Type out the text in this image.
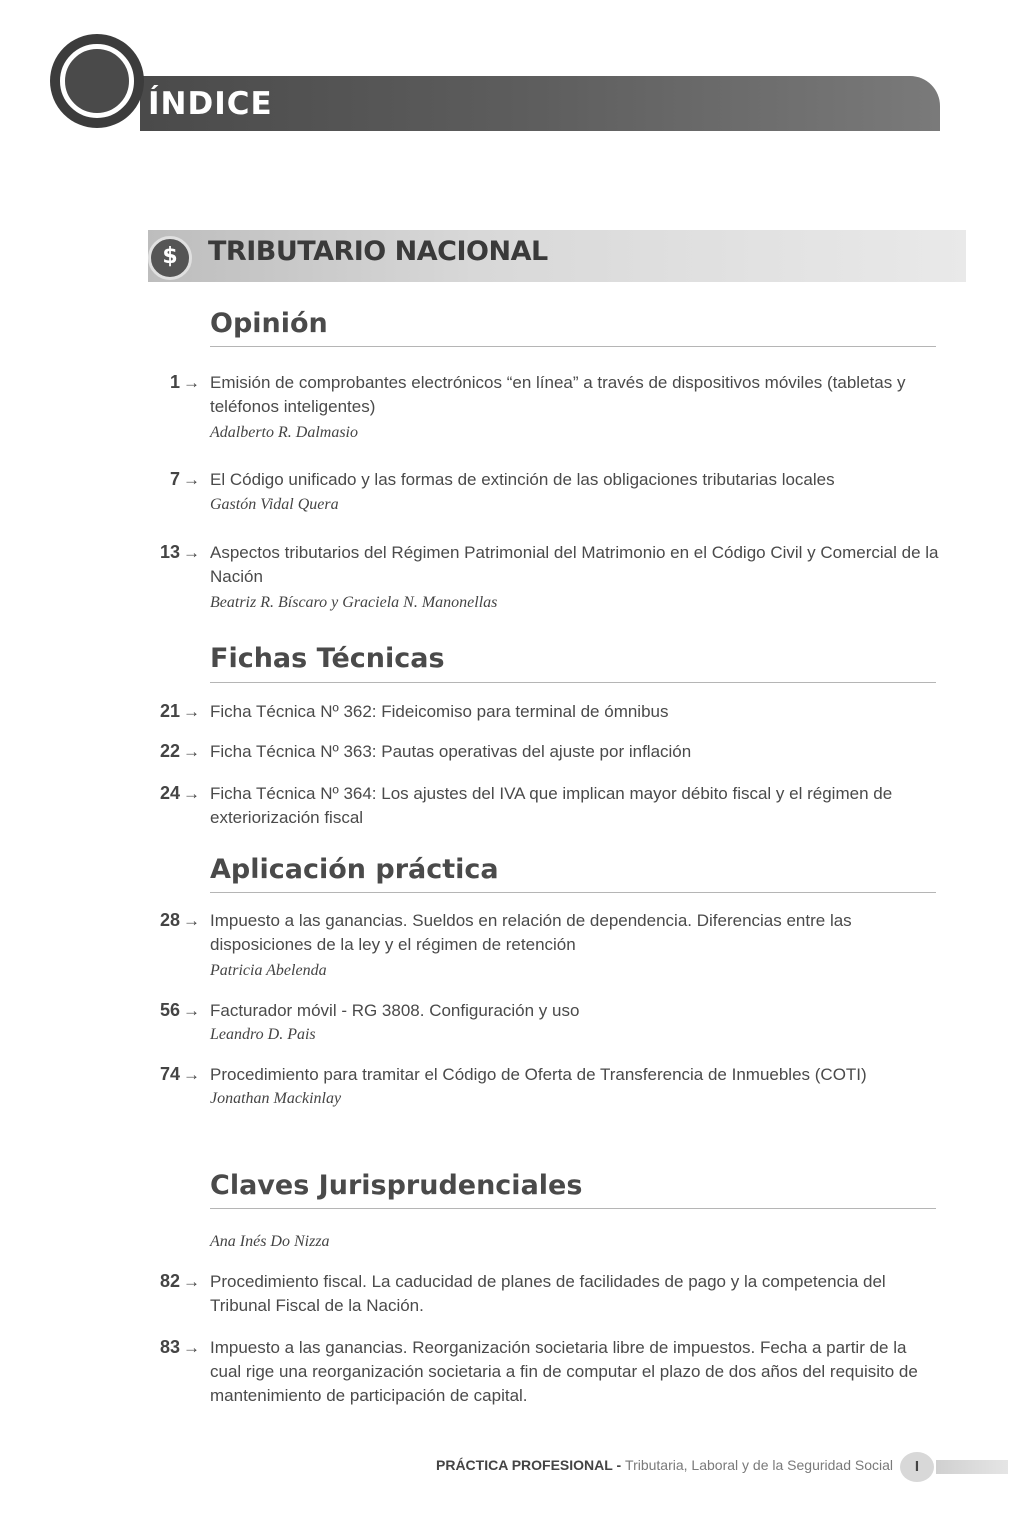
ÍNDICE
$	TRIBUTARIO NACIONAL
Opinión
1 → Emisión de comprobantes electrónicos “en línea” a través de dispositivos móviles (tabletas y teléfonos inteligentes)
Adalberto R. Dalmasio
7 → El Código unificado y las formas de extinción de las obligaciones tributarias locales
Gastón Vidal Quera
13 → Aspectos tributarios del Régimen Patrimonial del Matrimonio en el Código Civil y Comercial de la Nación
Beatriz R. Bíscaro y Graciela N. Manonellas
Fichas Técnicas
21 → Ficha Técnica Nº 362: Fideicomiso para terminal de ómnibus
22 → Ficha Técnica Nº 363: Pautas operativas del ajuste por inflación
24 → Ficha Técnica Nº 364: Los ajustes del IVA que implican mayor débito fiscal y el régimen de exteriorización fiscal
Aplicación práctica
28 → Impuesto a las ganancias. Sueldos en relación de dependencia. Diferencias entre las disposiciones de la ley y el régimen de retención
Patricia Abelenda
56 → Facturador móvil - RG 3808. Configuración y uso
Leandro D. Pais
74 → Procedimiento para tramitar el Código de Oferta de Transferencia de Inmuebles (COTI)
Jonathan Mackinlay
Claves Jurisprudenciales
Ana Inés Do Nizza
82 → Procedimiento fiscal. La caducidad de planes de facilidades de pago y la competencia del Tribunal Fiscal de la Nación.
83 → Impuesto a las ganancias. Reorganización societaria libre de impuestos. Fecha a partir de la cual rige una reorganización societaria a fin de computar el plazo de dos años del requisito de mantenimiento de participación de capital.
PRÁCTICA PROFESIONAL - Tributaria, Laboral y de la Seguridad Social	I
